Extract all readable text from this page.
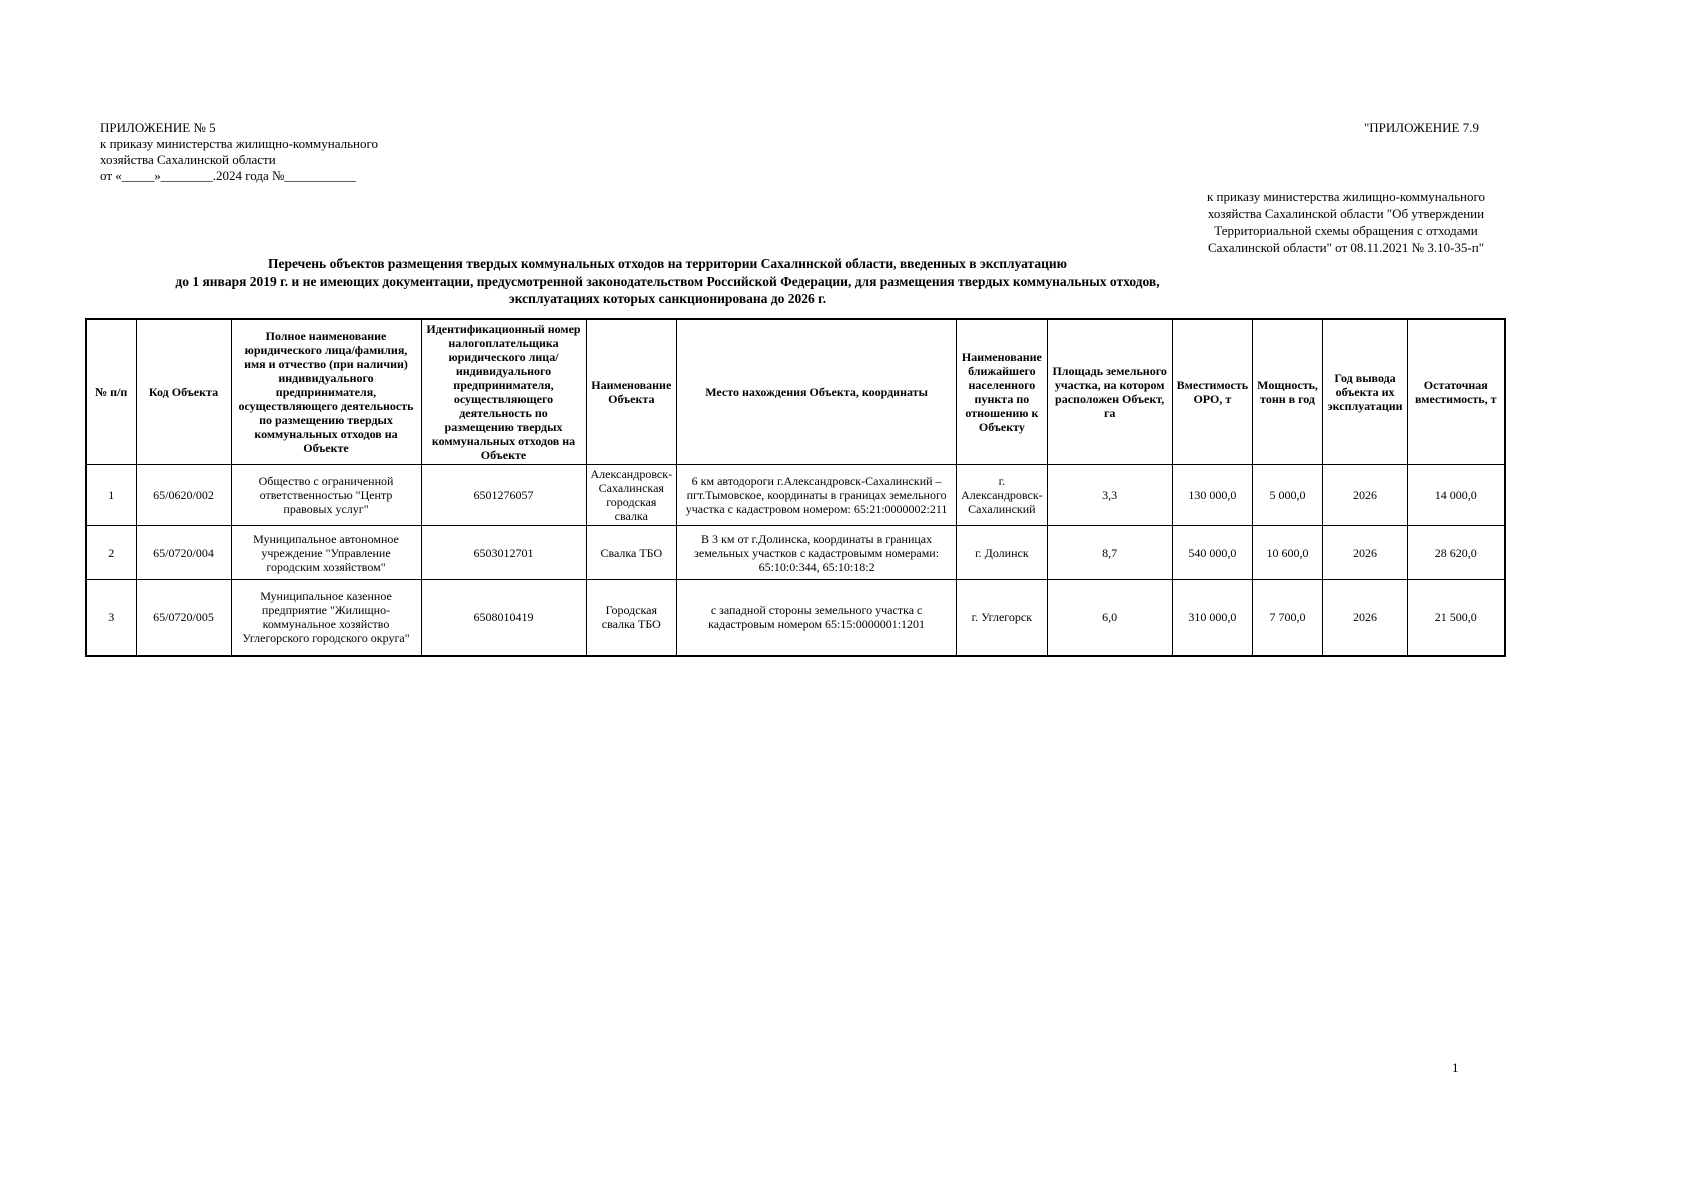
ПРИЛОЖЕНИЕ № 5
к приказу министерства жилищно-коммунального
хозяйства Сахалинской области
от «_____»________.2024 года №___________
"ПРИЛОЖЕНИЕ 7.9
к приказу министерства жилищно-коммунального
хозяйства Сахалинской области "Об утверждении
Территориальной схемы обращения с отходами
Сахалинской области" от 08.11.2021 № 3.10-35-п"
Перечень объектов размещения твердых коммунальных отходов на территории Сахалинской области, введенных в эксплуатацию
до 1 января 2019 г. и не имеющих документации, предусмотренной законодательством Российской Федерации, для размещения твердых коммунальных отходов,
эксплуатациях которых санкционирована до 2026 г.
№ п/п	Код Объекта	Полное наименование юридического лица/фамилия, имя и отчество (при наличии) индивидуального предпринимателя, осуществляющего деятельность по размещению твердых коммунальных отходов на Объекте	Идентификационный номер налогоплательщика юридического лица/ индивидуального предпринимателя, осуществляющего деятельность по размещению твердых коммунальных отходов на Объекте	Наименование Объекта	Место нахождения Объекта, координаты	Наименование ближайшего населенного пункта по отношению к Объекту	Площадь земельного участка, на котором расположен Объект, га	Вместимость ОРО, т	Мощность, тонн в год	Год вывода объекта их эксплуатации	Остаточная вместимость, т
1	65/0620/002	Общество с ограниченной ответственностью "Центр правовых услуг"	6501276057	Александровск-Сахалинская городская свалка	6 км автодороги г.Александровск-Сахалинский –пгт.Тымовское, координаты в границах земельного участка с кадастровом номером: 65:21:0000002:211	г. Александровск-Сахалинский	3,3	130 000,0	5 000,0	2026	14 000,0
2	65/0720/004	Муниципальное автономное учреждение "Управление городским хозяйством"	6503012701	Свалка ТБО	В 3 км от г.Долинска, координаты в границах земельных участков с кадастровымм номерами: 65:10:0:344, 65:10:18:2	г. Долинск	8,7	540 000,0	10 600,0	2026	28 620,0
3	65/0720/005	Муниципальное казенное предприятие "Жилищно-коммунальное хозяйство Углегорского городского округа"	6508010419	Городская свалка ТБО	с западной стороны земельного участка с кадастровым номером 65:15:0000001:1201	г. Углегорск	6,0	310 000,0	7 700,0	2026	21 500,0
1
